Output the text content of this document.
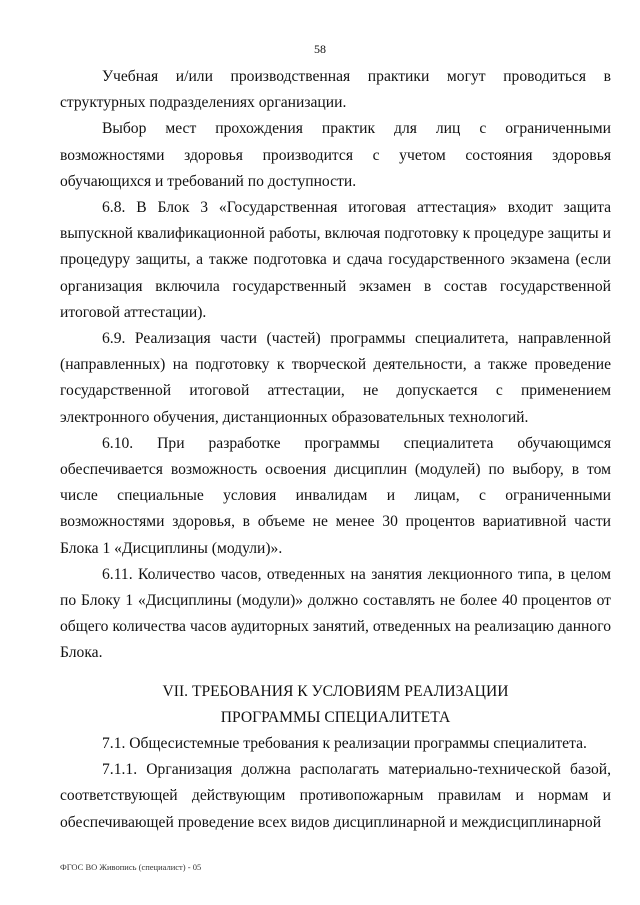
58

Учебная и/или производственная практики могут проводиться в структурных подразделениях организации.

Выбор мест прохождения практик для лиц с ограниченными возможностями здоровья производится с учетом состояния здоровья обучающихся и требований по доступности.

6.8. В Блок 3 «Государственная итоговая аттестация» входит защита выпускной квалификационной работы, включая подготовку к процедуре защиты и процедуру защиты, а также подготовка и сдача государственного экзамена (если организация включила государственный экзамен в состав государственной итоговой аттестации).

6.9. Реализация части (частей) программы специалитета, направленной (направленных) на подготовку к творческой деятельности, а также проведение государственной итоговой аттестации, не допускается с применением электронного обучения, дистанционных образовательных технологий.

6.10. При разработке программы специалитета обучающимся обеспечивается возможность освоения дисциплин (модулей) по выбору, в том числе специальные условия инвалидам и лицам, с ограниченными возможностями здоровья, в объеме не менее 30 процентов вариативной части Блока 1 «Дисциплины (модули)».

6.11. Количество часов, отведенных на занятия лекционного типа, в целом по Блоку 1 «Дисциплины (модули)» должно составлять не более 40 процентов от общего количества часов аудиторных занятий, отведенных на реализацию данного Блока.

VII. ТРЕБОВАНИЯ К УСЛОВИЯМ РЕАЛИЗАЦИИ
ПРОГРАММЫ СПЕЦИАЛИТЕТА

7.1. Общесистемные требования к реализации программы специалитета.

7.1.1. Организация должна располагать материально-технической базой, соответствующей действующим противопожарным правилам и нормам и обеспечивающей проведение всех видов дисциплинарной и междисциплинарной

ФГОС ВО Живопись (специалист) - 05
